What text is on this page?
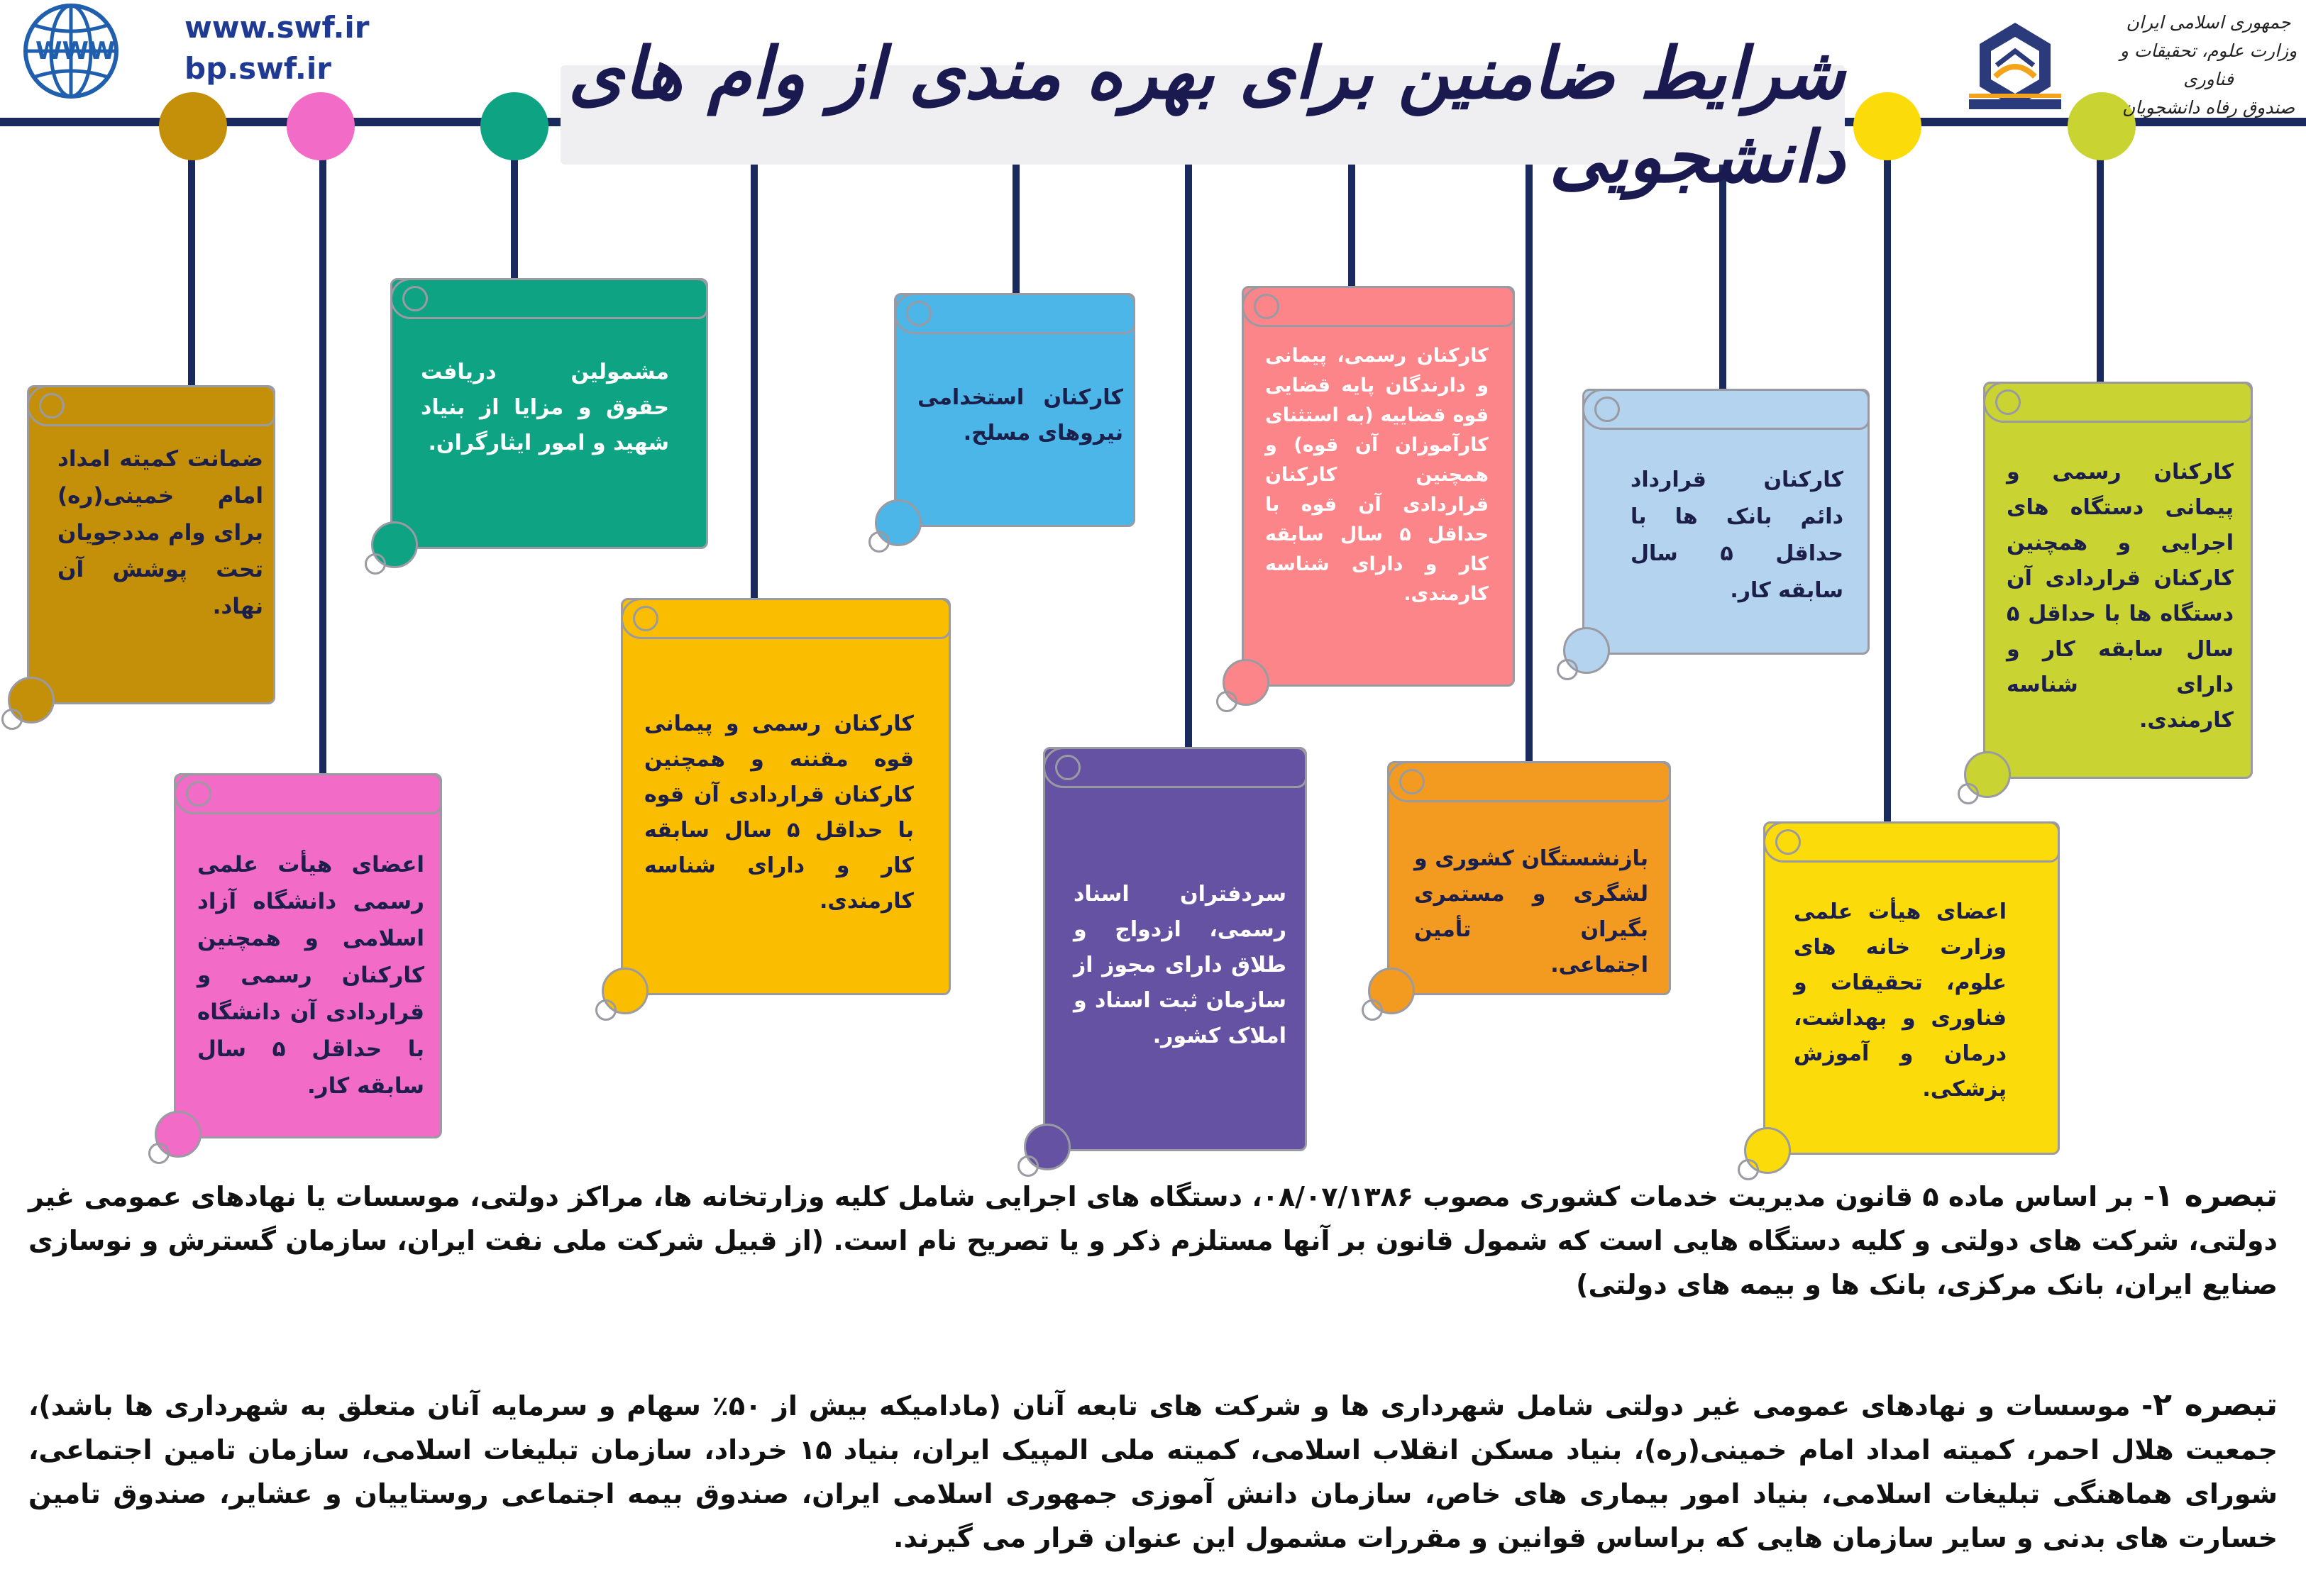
www.swf.ir
bp.swf.ir
WWW	شرایط ضامنین برای بهره مندی از وام های دانشجویی
جمهوری اسلامی ایران
وزارت علوم، تحقیقات و فناوری
صندوق رفاه دانشجویان
ضمانت کمیته امداد امام خمینی(ره) برای وام مددجویان تحت پوشش آن نهاد.
اعضای هیأت علمی رسمی دانشگاه آزاد اسلامی و همچنین کارکنان رسمی و قراردادی آن دانشگاه با حداقل ۵ سال سابقه کار.
مشمولین دریافت حقوق و مزایا از بنیاد شهید و امور ایثارگران.
کارکنان رسمی و پیمانی قوه مقننه و همچنین کارکنان قراردادی آن قوه با حداقل ۵ سال سابقه کار و دارای شناسه کارمندی.
کارکنان استخدامی نیروهای مسلح.
سردفتران اسناد رسمی، ازدواج و طلاق دارای مجوز از سازمان ثبت اسناد و املاک کشور.
کارکنان رسمی، پیمانی و دارندگان پایه قضایی قوه قضاییه (به استثنای کارآموزان آن قوه) و همچنین کارکنان قراردادی آن قوه با حداقل ۵ سال سابقه کار و دارای شناسه کارمندی.
بازنشستگان کشوری و لشگری و مستمری بگیران تأمین اجتماعی.
کارکنان قرارداد دائم بانک ها با حداقل ۵ سال سابقه کار.
اعضای هیأت علمی وزارت خانه های علوم، تحقیقات و فناوری و بهداشت، درمان و آموزش پزشکی.
کارکنان رسمی و پیمانی دستگاه های اجرایی و همچنین کارکنان قراردادی آن دستگاه ها با حداقل ۵ سال سابقه کار و دارای شناسه کارمندی.
تبصره ۱- بر اساس ماده ۵ قانون مدیریت خدمات کشوری مصوب ۰۸/۰۷/۱۳۸۶، دستگاه های اجرایی شامل کلیه وزارتخانه ها، مراکز دولتی، موسسات یا نهادهای عمومی غیر دولتی، شرکت های دولتی و کلیه دستگاه هایی است که شمول قانون بر آنها مستلزم ذکر و یا تصریح نام است. (از قبیل شرکت ملی نفت ایران، سازمان گسترش و نوسازی صنایع ایران، بانک مرکزی، بانک ها و بیمه های دولتی)
تبصره ۲- موسسات و نهادهای عمومی غیر دولتی شامل شهرداری ها و شرکت های تابعه آنان (مادامیکه بیش از ۵۰٪ سهام و سرمایه آنان متعلق به شهرداری ها باشد)، جمعیت هلال احمر، کمیته امداد امام خمینی(ره)، بنیاد مسکن انقلاب اسلامی، کمیته ملی المپیک ایران، بنیاد ۱۵ خرداد، سازمان تبلیغات اسلامی، سازمان تامین اجتماعی، شورای هماهنگی تبلیغات اسلامی، بنیاد امور بیماری های خاص، سازمان دانش آموزی جمهوری اسلامی ایران، صندوق بیمه اجتماعی روستاییان و عشایر، صندوق تامین خسارت های بدنی و سایر سازمان هایی که براساس قوانین و مقررات مشمول این عنوان قرار می گیرند.
